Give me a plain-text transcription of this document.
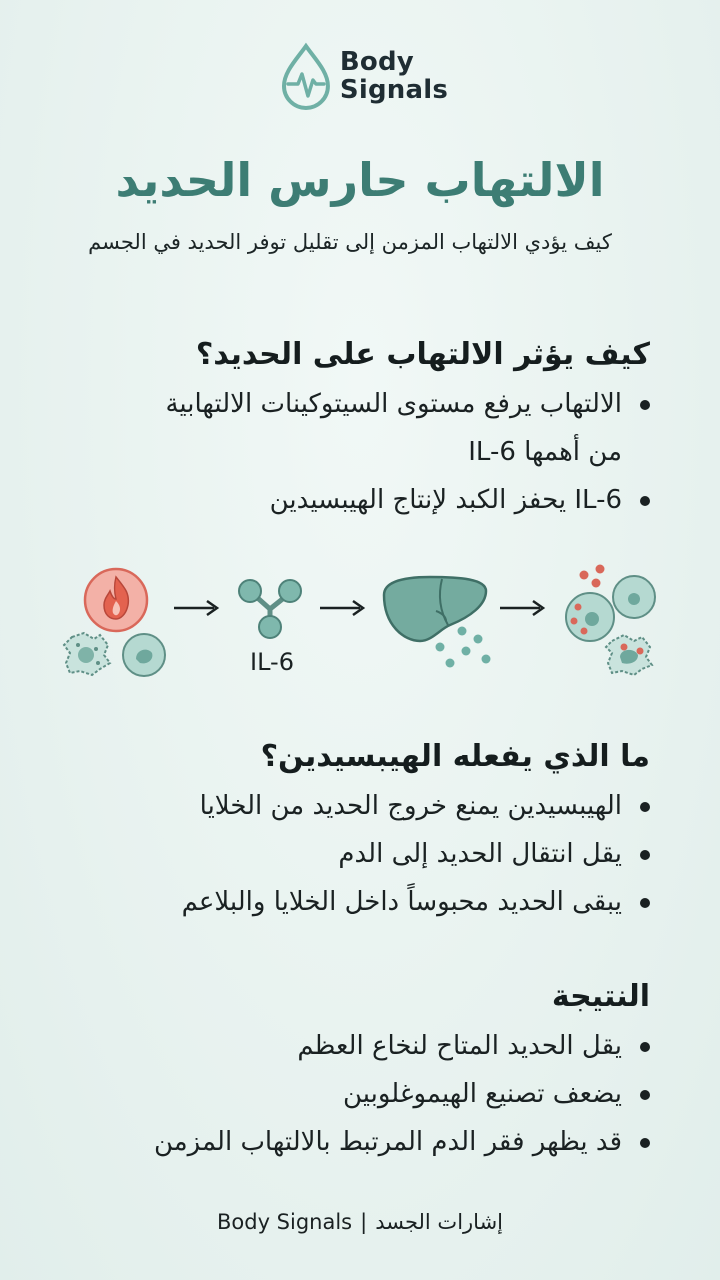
Body
Signals
الالتهاب حارس الحديد
كيف يؤدي الالتهاب المزمن إلى تقليل توفر الحديد في الجسم
كيف يؤثر الالتهاب على الحديد؟
الالتهاب يرفع مستوى السيتوكينات الالتهابية
من أهمها IL-6
IL-6 يحفز الكبد لإنتاج الهيبسيدين
IL-6
ما الذي يفعله الهيبسيدين؟
الهيبسيدين يمنع خروج الحديد من الخلايا
يقل انتقال الحديد إلى الدم
يبقى الحديد محبوساً داخل الخلايا والبلاعم
النتيجة
يقل الحديد المتاح لنخاع العظم
يضعف تصنيع الهيموغلوبين
قد يظهر فقر الدم المرتبط بالالتهاب المزمن
Body Signals | إشارات الجسد
